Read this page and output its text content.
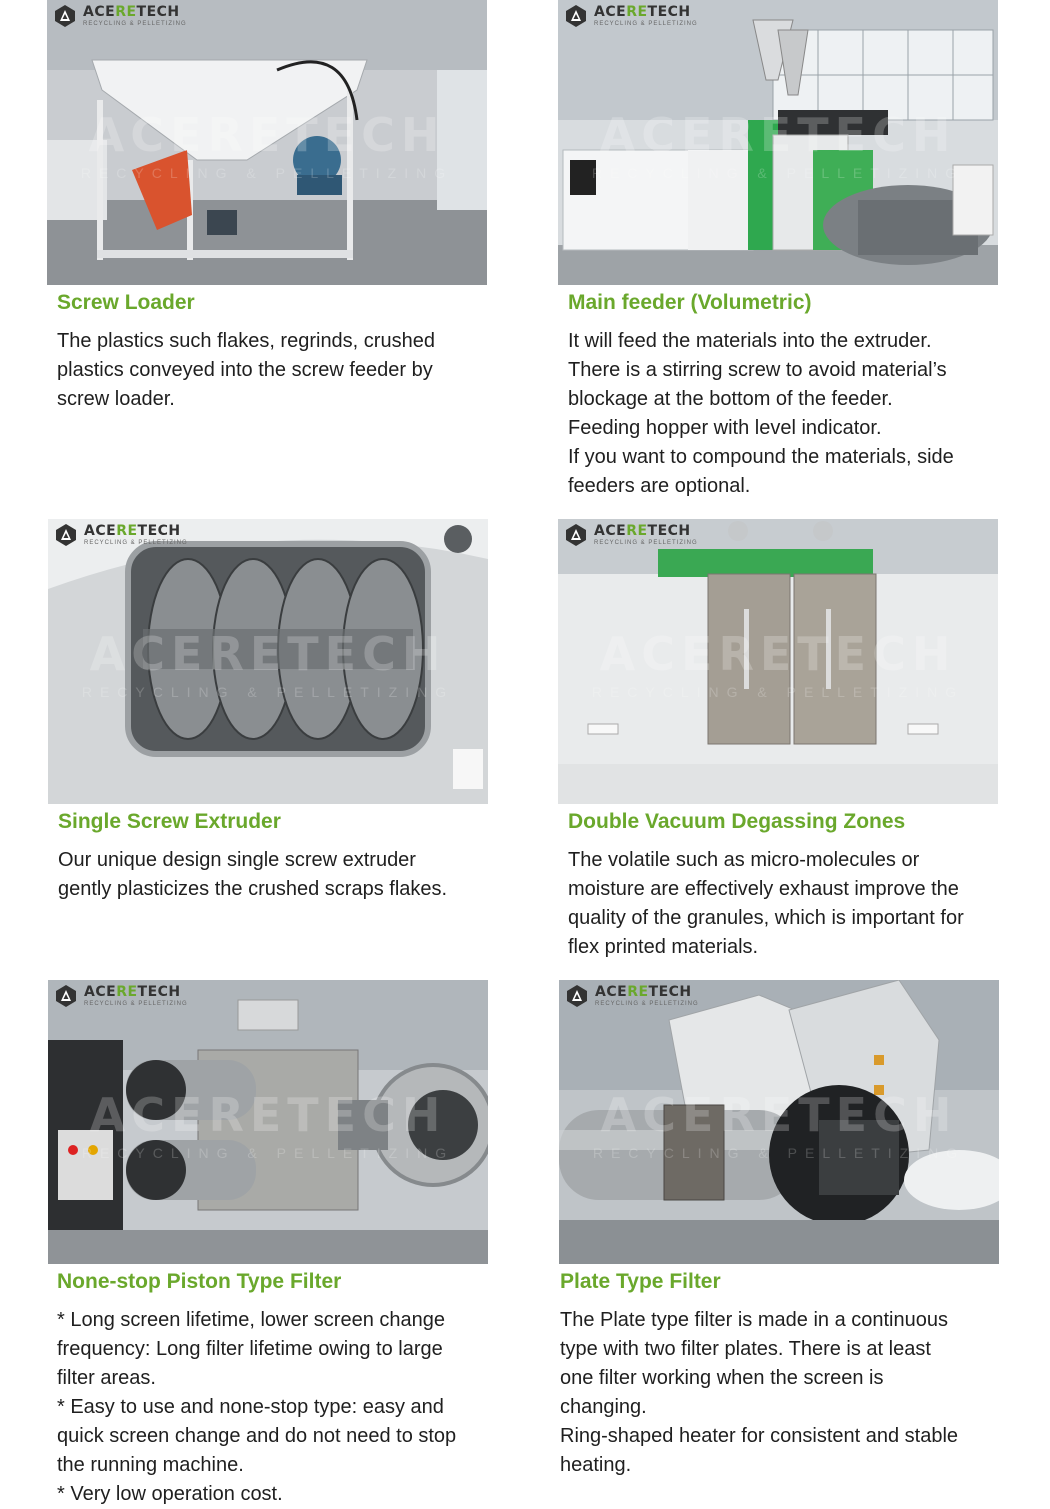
ACERETECH
RECYCLING & PELLETIZING
ACERETECH
RECYCLING & PELLETIZING
Screw Loader

The plastics such flakes, regrinds, crushed

plastics conveyed into the screw feeder by

screw loader.

ACERETECH
RECYCLING & PELLETIZING
ACERETECH
RECYCLING & PELLETIZING
Main feeder (Volumetric)

It will feed the materials into the extruder.

There is a stirring screw to avoid material’s

blockage at the bottom of the feeder.

Feeding hopper with level indicator.

If you want to compound the materials, side

feeders are optional.

ACERETECH
RECYCLING & PELLETIZING
ACERETECH
RECYCLING & PELLETIZING
Single Screw Extruder

Our unique design single screw extruder

gently plasticizes the crushed scraps flakes.

ACERETECH
RECYCLING & PELLETIZING
ACERETECH
RECYCLING & PELLETIZING
Double Vacuum Degassing Zones

The volatile such as micro-molecules or

moisture are effectively exhaust improve the

quality of the granules, which is important for

flex printed materials.

ACERETECH
RECYCLING & PELLETIZING
ACERETECH
RECYCLING & PELLETIZING
None-stop Piston Type Filter

* Long screen lifetime, lower screen change

frequency: Long filter lifetime owing to large

filter areas.

* Easy to use and none-stop type: easy and

quick screen change and do not need to stop

the running machine.

* Very low operation cost.

ACERETECH
RECYCLING & PELLETIZING
ACERETECH
RECYCLING & PELLETIZING
Plate Type Filter

The Plate type filter is made in a continuous

type with two filter plates. There is at least

one filter working when the screen is

changing.

Ring-shaped heater for consistent and stable

heating.
